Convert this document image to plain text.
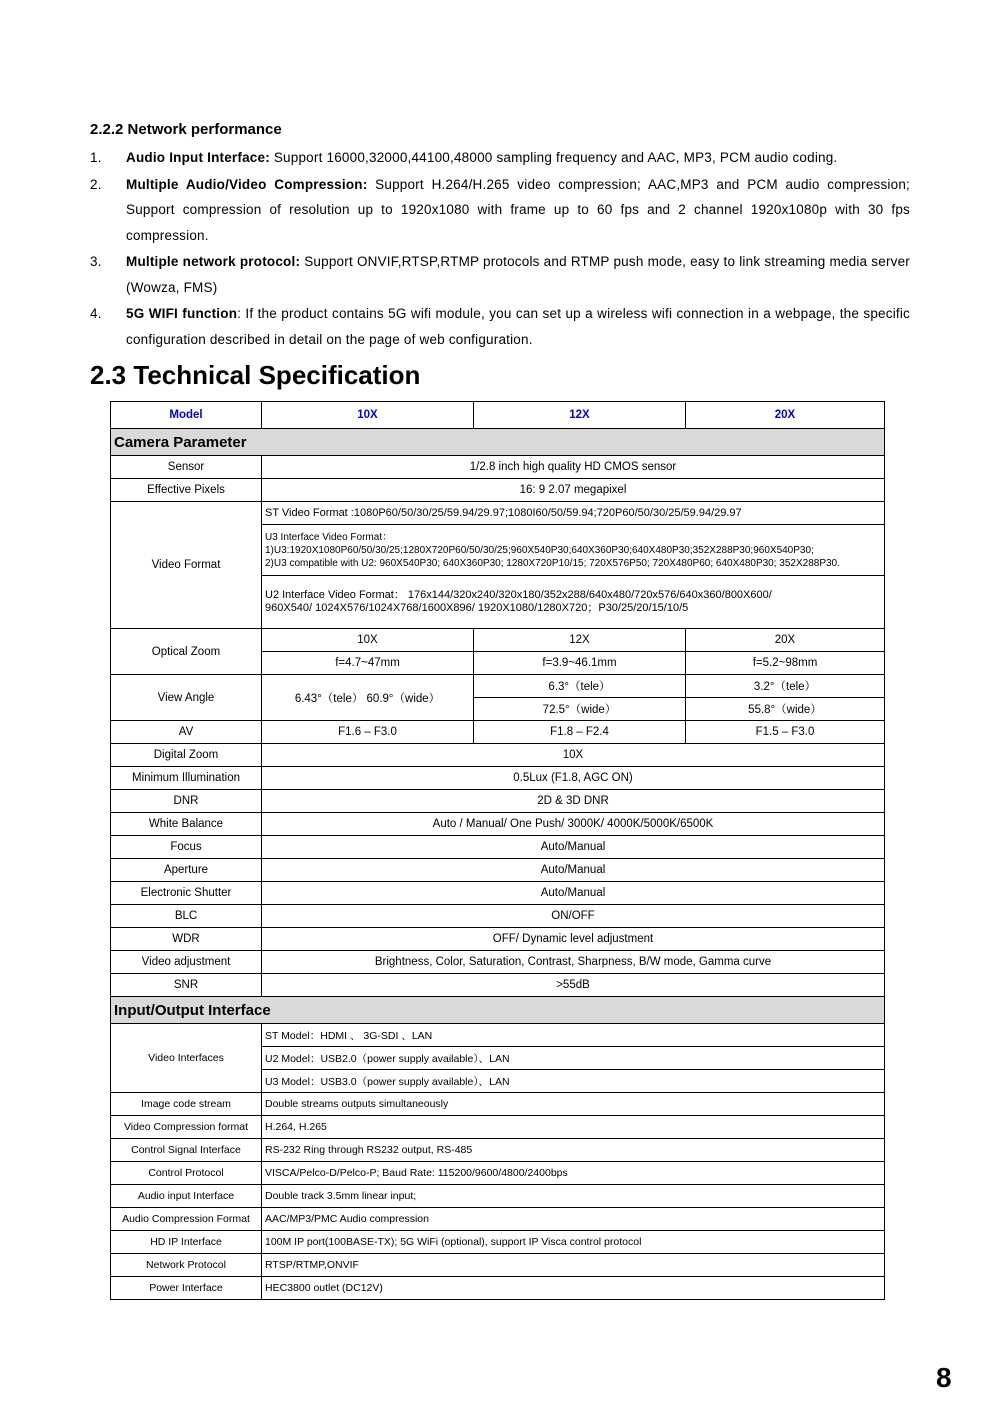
2.2.2 Network performance
1. Audio Input Interface: Support 16000,32000,44100,48000 sampling frequency and AAC, MP3, PCM audio coding.
2. Multiple Audio/Video Compression: Support H.264/H.265 video compression; AAC,MP3 and PCM audio compression; Support compression of resolution up to 1920x1080 with frame up to 60 fps and 2 channel 1920x1080p with 30 fps compression.
3. Multiple network protocol: Support ONVIF,RTSP,RTMP protocols and RTMP push mode, easy to link streaming media server (Wowza, FMS)
4. 5G WIFI function: If the product contains 5G wifi module, you can set up a wireless wifi connection in a webpage, the specific configuration described in detail on the page of web configuration.
2.3 Technical Specification
Model	10X	12X	20X
Camera Parameter			
Sensor	1/2.8 inch high quality HD CMOS sensor		
Effective Pixels	16: 9 2.07 megapixel		
Video Format	ST Video Format :1080P60/50/30/25/59.94/29.97;1080I60/50/59.94;720P60/50/30/25/59.94/29.97		

	U3 Interface Video Format：
1)U3:1920X1080P60/50/30/25;1280X720P60/50/30/25;960X540P30;640X360P30;640X480P30;352X288P30;960X540P30;
2)U3 compatible with U2: 960X540P30; 640X360P30; 1280X720P10/15; 720X576P50; 720X480P60; 640X480P30; 352X288P30.		

	U2 Interface Video Format： 176x144/320x240/320x180/352x288/640x480/720x576/640x360/800X600/
960X540/ 1024X576/1024X768/1600X896/ 1920X1080/1280X720；P30/25/20/15/10/5		

Optical Zoom	10X	12X	20X
	f=4.7~47mm	f=3.9~46.1mm	f=5.2~98mm
View Angle	6.43°（tele） 60.9°（wide）	6.3°（tele）	3.2°（tele）
		72.5°（wide）	55.8°（wide）
AV	F1.6 – F3.0	F1.8 – F2.4	F1.5 – F3.0
Digital Zoom	10X		
Minimum Illumination	0.5Lux (F1.8, AGC ON)		
DNR	2D & 3D DNR		
White Balance	Auto / Manual/ One Push/ 3000K/ 4000K/5000K/6500K		
Focus	Auto/Manual		
Aperture	Auto/Manual		
Electronic Shutter	Auto/Manual		
BLC	ON/OFF		
WDR	OFF/ Dynamic level adjustment		
Video adjustment	Brightness, Color, Saturation, Contrast, Sharpness, B/W mode, Gamma curve		
SNR	>55dB		
Input/Output Interface			
Video Interfaces	ST Model：HDMI 、 3G-SDI 、LAN		
	U2 Model：USB2.0（power supply available）、LAN		
	U3 Model：USB3.0（power supply available）、LAN		
Image code stream	Double streams outputs simultaneously		
Video Compression format	H.264, H.265		
Control Signal Interface	RS-232 Ring through RS232 output, RS-485		
Control Protocol	VISCA/Pelco-D/Pelco-P; Baud Rate: 115200/9600/4800/2400bps		
Audio input Interface	Double track 3.5mm linear input;		
Audio Compression Format	AAC/MP3/PMC Audio compression		
HD IP Interface	100M IP port(100BASE-TX); 5G WiFi (optional), support IP Visca control protocol		
Network Protocol	RTSP/RTMP,ONVIF		
Power Interface	HEC3800 outlet (DC12V)		
8
